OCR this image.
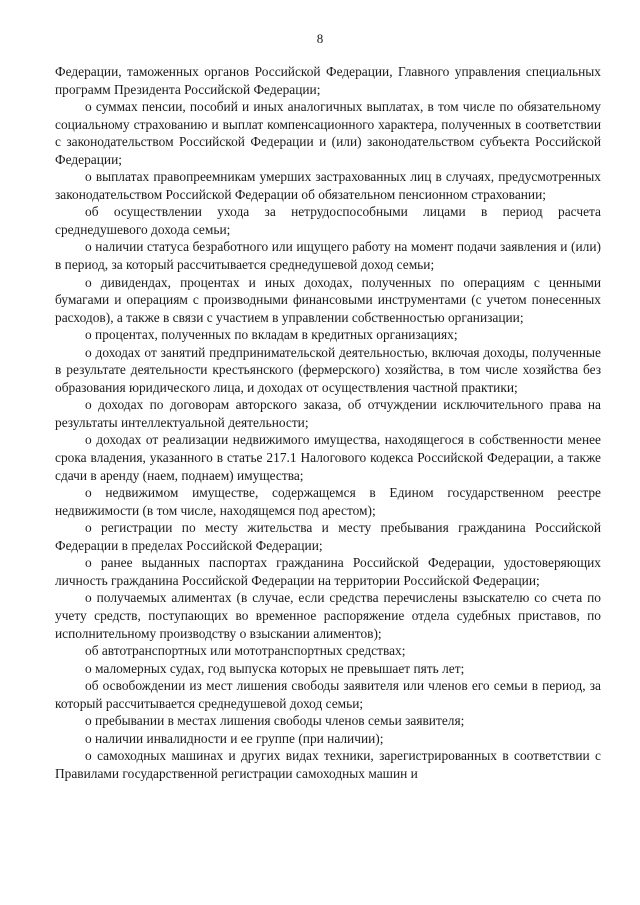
8

Федерации, таможенных органов Российской Федерации, Главного управления специальных программ Президента Российской Федерации;

о суммах пенсии, пособий и иных аналогичных выплатах, в том числе по обязательному социальному страхованию и выплат компенсационного характера, полученных в соответствии с законодательством Российской Федерации и (или) законодательством субъекта Российской Федерации;

о выплатах правопреемникам умерших застрахованных лиц в случаях, предусмотренных законодательством Российской Федерации об обязательном пенсионном страховании;

об осуществлении ухода за нетрудоспособными лицами в период расчета среднедушевого дохода семьи;

о наличии статуса безработного или ищущего работу на момент подачи заявления и (или) в период, за который рассчитывается среднедушевой доход семьи;

о дивидендах, процентах и иных доходах, полученных по операциям с ценными бумагами и операциям с производными финансовыми инструментами (с учетом понесенных расходов), а также в связи с участием в управлении собственностью организации;

о процентах, полученных по вкладам в кредитных организациях;

о доходах от занятий предпринимательской деятельностью, включая доходы, полученные в результате деятельности крестьянского (фермерского) хозяйства, в том числе хозяйства без образования юридического лица, и доходах от осуществления частной практики;

о доходах по договорам авторского заказа, об отчуждении исключительного права на результаты интеллектуальной деятельности;

о доходах от реализации недвижимого имущества, находящегося в собственности менее срока владения, указанного в статье 217.1 Налогового кодекса Российской Федерации, а также сдачи в аренду (наем, поднаем) имущества;

о недвижимом имуществе, содержащемся в Едином государственном реестре недвижимости (в том числе, находящемся под арестом);

о регистрации по месту жительства и месту пребывания гражданина Российской Федерации в пределах Российской Федерации;

о ранее выданных паспортах гражданина Российской Федерации, удостоверяющих личность гражданина Российской Федерации на территории Российской Федерации;

о получаемых алиментах (в случае, если средства перечислены взыскателю со счета по учету средств, поступающих во временное распоряжение отдела судебных приставов, по исполнительному производству о взыскании алиментов);

об автотранспортных или мототранспортных средствах;

о маломерных судах, год выпуска которых не превышает пять лет;

об освобождении из мест лишения свободы заявителя или членов его семьи в период, за который рассчитывается среднедушевой доход семьи;

о пребывании в местах лишения свободы членов семьи заявителя;

о наличии инвалидности и ее группе (при наличии);

о самоходных машинах и других видах техники, зарегистрированных в соответствии с Правилами государственной регистрации самоходных машин и
